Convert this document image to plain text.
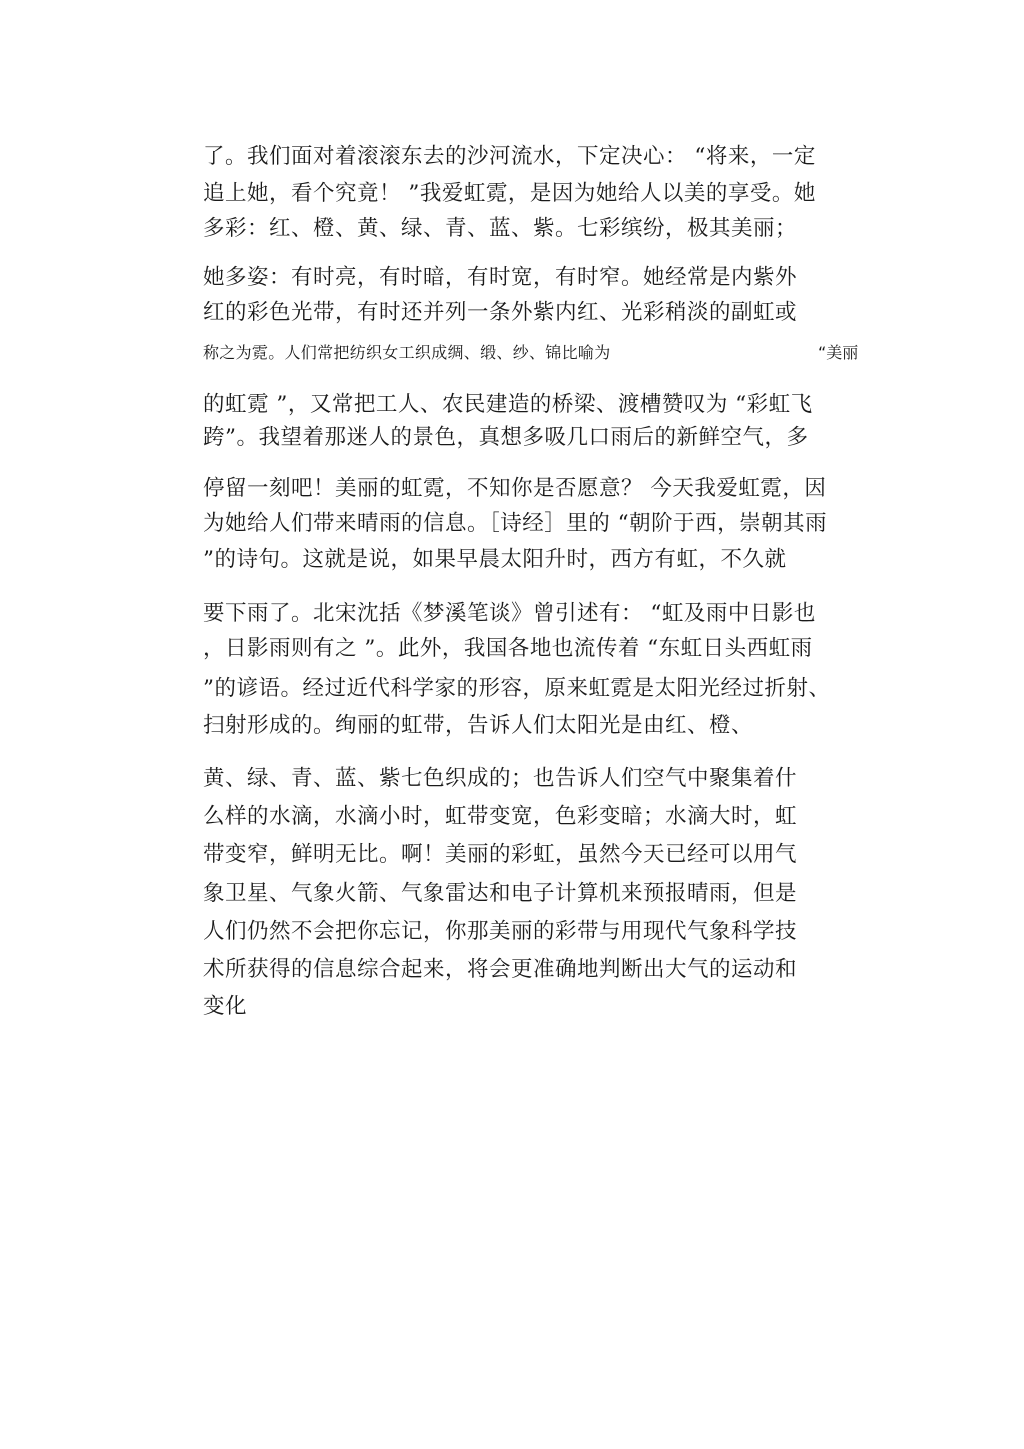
了。我们面对着滚滚东去的沙河流水，下定决心： “将来，一定
追上她，看个究竟！ ”我爱虹霓，是因为她给人以美的享受。她
多彩：红、橙、黄、绿、青、蓝、紫。七彩缤纷，极其美丽；
她多姿：有时亮，有时暗，有时宽，有时窄。她经常是内紫外
红的彩色光带，有时还并列一条外紫内红、光彩稍淡的副虹或
称之为霓。人们常把纺织女工织成绸、缎、纱、锦比喻为	“美丽
的虹霓 ”，又常把工人、农民建造的桥梁、渡槽赞叹为 “彩虹飞
跨”。我望着那迷人的景色，真想多吸几口雨后的新鲜空气，多
停留一刻吧！美丽的虹霓，不知你是否愿意？ 今天我爱虹霓，因
为她给人们带来晴雨的信息。［诗经］里的 “朝阶于西，崇朝其雨
”的诗句。这就是说，如果早晨太阳升时，西方有虹，不久就
要下雨了。北宋沈括《梦溪笔谈》曾引述有： “虹及雨中日影也
，日影雨则有之 ”。此外，我国各地也流传着 “东虹日头西虹雨
”的谚语。经过近代科学家的形容，原来虹霓是太阳光经过折射、
扫射形成的。绚丽的虹带，告诉人们太阳光是由红、橙、
黄、绿、青、蓝、紫七色织成的；也告诉人们空气中聚集着什
么样的水滴，水滴小时，虹带变宽，色彩变暗；水滴大时，虹
带变窄，鲜明无比。啊！美丽的彩虹，虽然今天已经可以用气
象卫星、气象火箭、气象雷达和电子计算机来预报晴雨，但是
人们仍然不会把你忘记，你那美丽的彩带与用现代气象科学技
术所获得的信息综合起来，将会更准确地判断出大气的运动和
变化
